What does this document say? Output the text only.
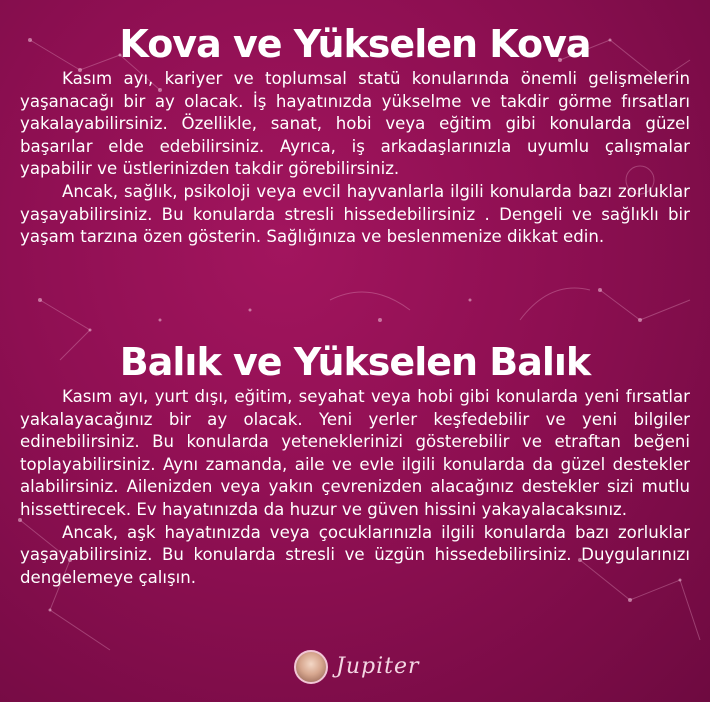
Kova ve Yükselen Kova

Kasım ayı, kariyer ve toplumsal statü konularında önemli gelişmelerin yaşanacağı bir ay olacak. İş hayatınızda yükselme ve takdir görme fırsatları yakalayabilirsiniz. Özellikle, sanat, hobi veya eğitim gibi konularda güzel başarılar elde edebilirsiniz. Ayrıca, iş arkadaşlarınızla uyumlu çalışmalar yapabilir ve üstlerinizden takdir görebilirsiniz.

Ancak, sağlık, psikoloji veya evcil hayvanlarla ilgili konularda bazı zorluklar yaşayabilirsiniz. Bu konularda stresli hissedebilirsiniz . Dengeli ve sağlıklı bir yaşam tarzına özen gösterin. Sağlığınıza ve beslenmenize dikkat edin.

Balık ve Yükselen Balık

Kasım ayı, yurt dışı, eğitim, seyahat veya hobi gibi konularda yeni fırsatlar yakalayacağınız bir ay olacak. Yeni yerler keşfedebilir ve yeni bilgiler edinebilirsiniz. Bu konularda yeteneklerinizi gösterebilir ve etraftan beğeni toplayabilirsiniz. Aynı zamanda, aile ve evle ilgili konularda da güzel destekler alabilirsiniz. Ailenizden veya yakın çevrenizden alacağınız destekler sizi mutlu hissettirecek. Ev hayatınızda da huzur ve güven hissini yakayalacaksınız.

Ancak, aşk hayatınızda veya çocuklarınızla ilgili konularda bazı zorluklar yaşayabilirsiniz. Bu konularda stresli ve üzgün hissedebilirsiniz. Duygularınızı dengelemeye çalışın.

Jupiter
